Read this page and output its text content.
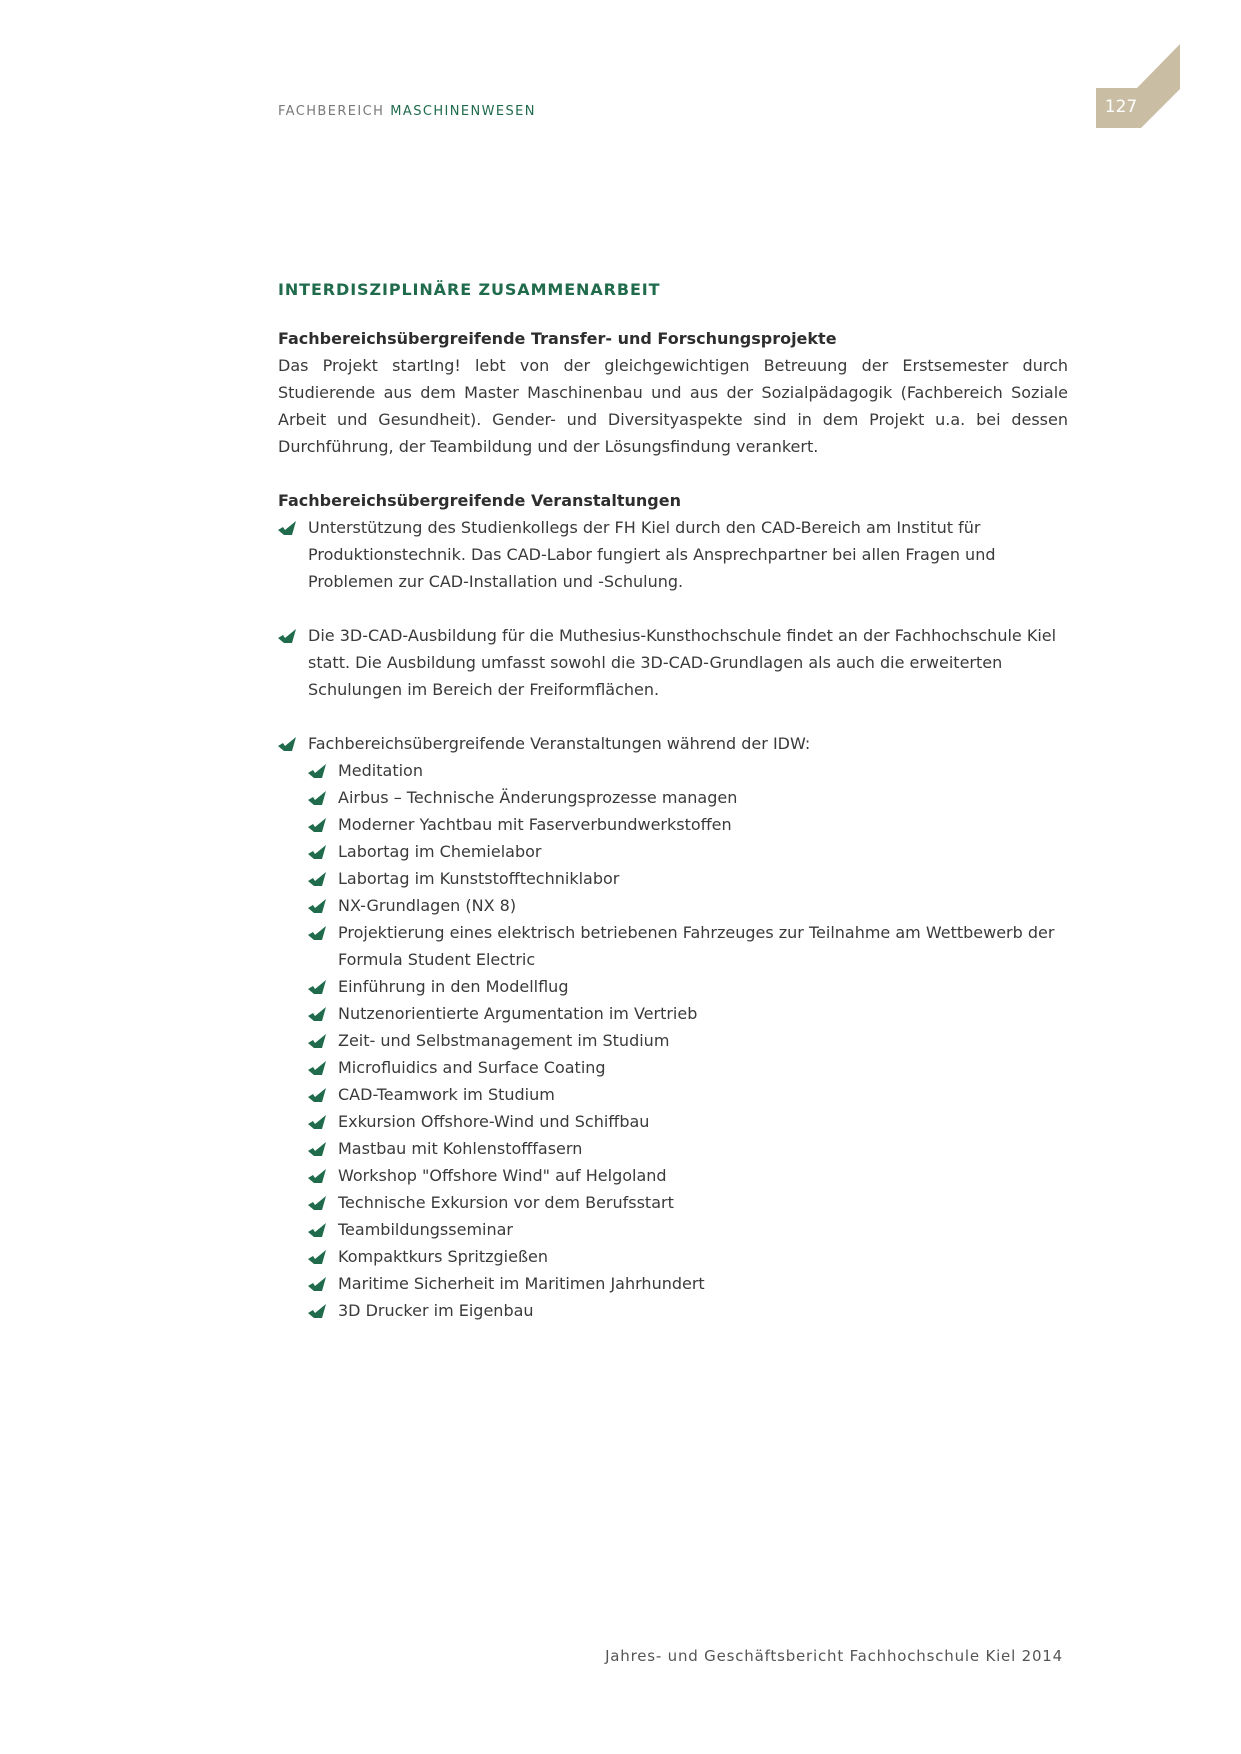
FACHBEREICH MASCHINENWESEN	127
INTERDISZIPLINÄRE ZUSAMMENARBEIT

Fachbereichsübergreifende Transfer- und Forschungsprojekte

Das Projekt startIng! lebt von der gleichgewichtigen Betreuung der Erstsemester durch Studierende aus dem Master Maschinenbau und aus der Sozialpädagogik (Fachbereich Soziale Arbeit und Gesundheit). Gender- und Diversityaspekte sind in dem Projekt u.a. bei dessen Durchführung, der Teambildung und der Lösungsfindung verankert.

Fachbereichsübergreifende Veranstaltungen

Unterstützung des Studienkollegs der FH Kiel durch den CAD-Bereich am Institut für Produktionstechnik. Das CAD-Labor fungiert als Ansprechpartner bei allen Fragen und Problemen zur CAD-Installation und -Schulung.
Die 3D-CAD-Ausbildung für die Muthesius-Kunsthochschule findet an der Fachhochschule Kiel statt. Die Ausbildung umfasst sowohl die 3D-CAD-Grundlagen als auch die erweiterten Schulungen im Bereich der Freiformflächen.
Fachbereichsübergreifende Veranstaltungen während der IDW:
Meditation
Airbus – Technische Änderungsprozesse managen
Moderner Yachtbau mit Faserverbundwerkstoffen
Labortag im Chemielabor
Labortag im Kunststofftechniklabor
NX-Grundlagen (NX 8)
Projektierung eines elektrisch betriebenen Fahrzeuges zur Teilnahme am Wettbewerb der Formula Student Electric
Einführung in den Modellflug
Nutzenorientierte Argumentation im Vertrieb
Zeit- und Selbstmanagement im Studium
Microfluidics and Surface Coating
CAD-Teamwork im Studium
Exkursion Offshore-Wind und Schiffbau
Mastbau mit Kohlenstofffasern
Workshop "Offshore Wind" auf Helgoland
Technische Exkursion vor dem Berufsstart
Teambildungsseminar
Kompaktkurs Spritzgießen
Maritime Sicherheit im Maritimen Jahrhundert
3D Drucker im Eigenbau
Jahres- und Geschäftsbericht Fachhochschule Kiel 2014
